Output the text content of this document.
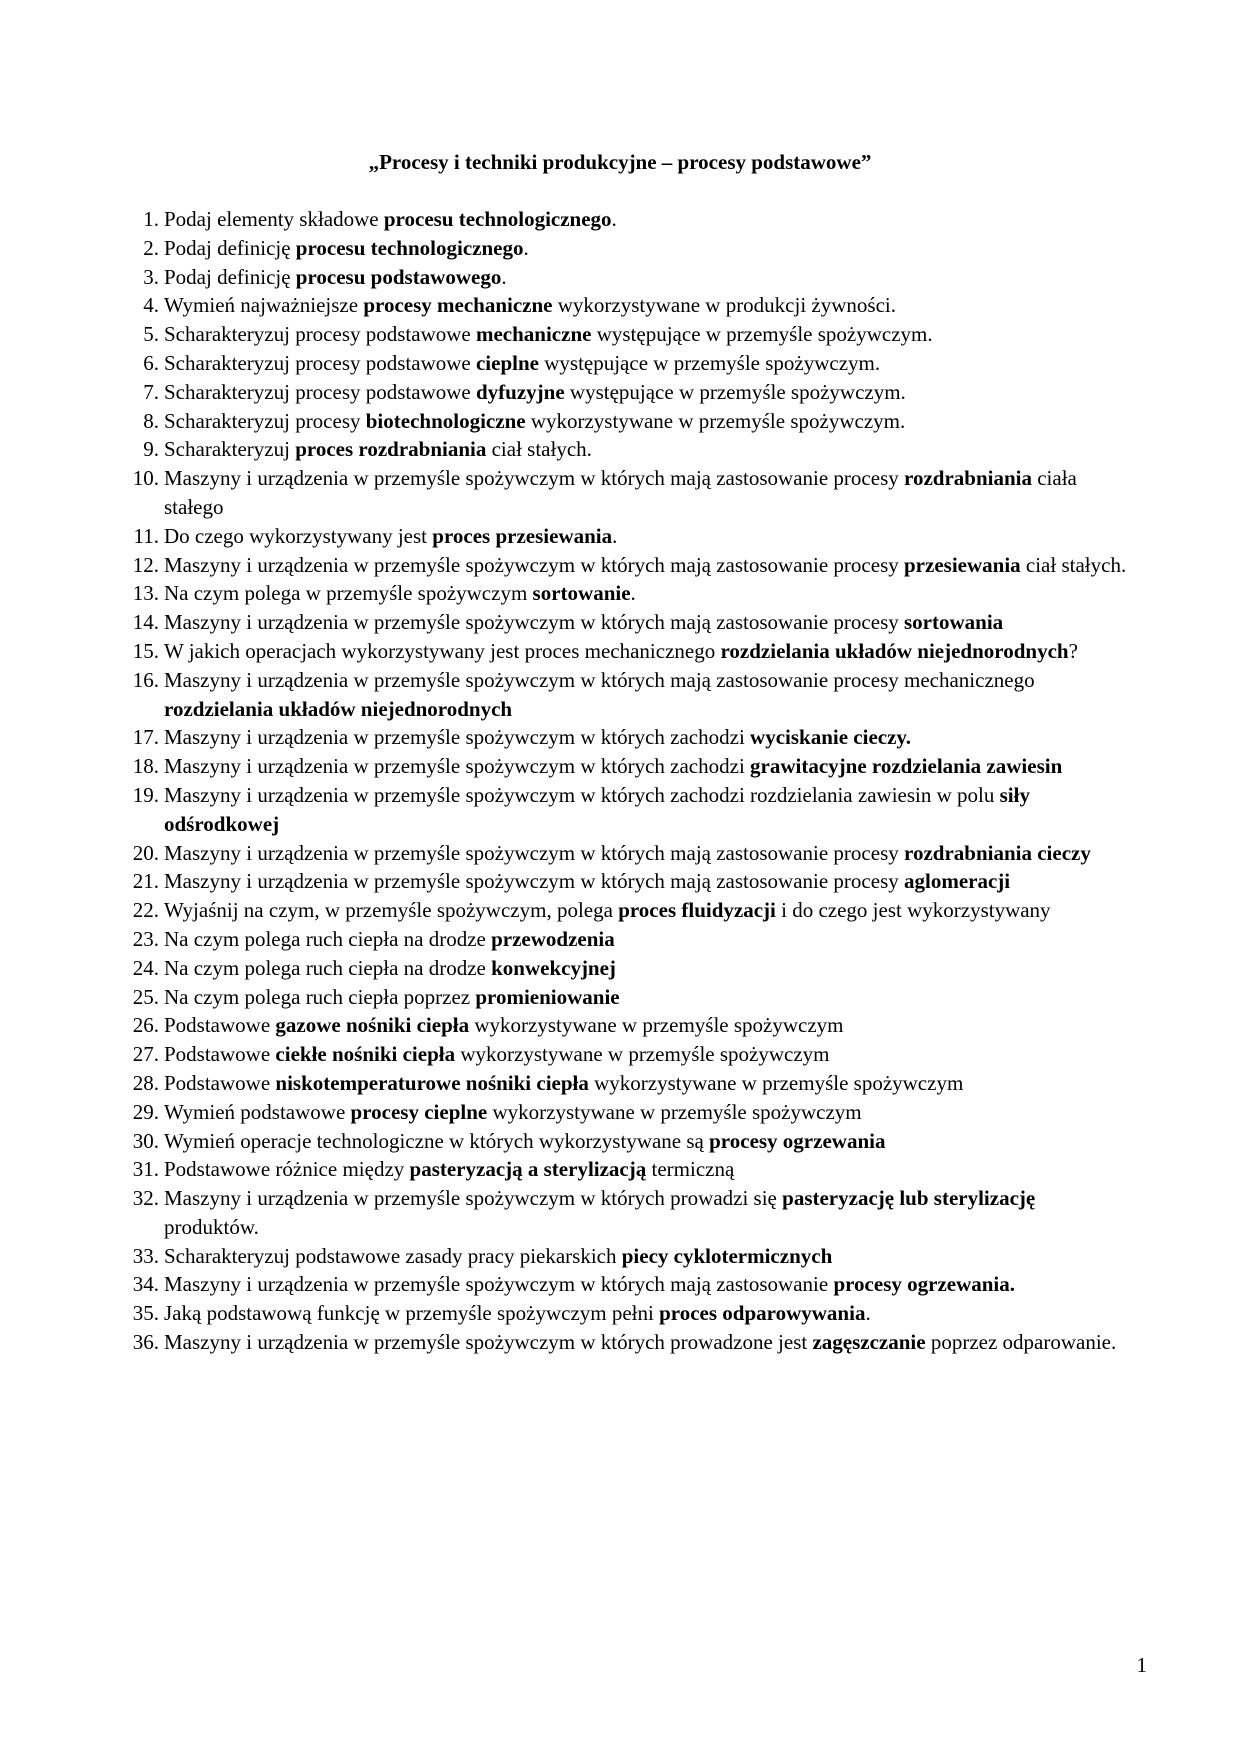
„Procesy i techniki produkcyjne – procesy podstawowe”
1. Podaj elementy składowe procesu technologicznego.
2. Podaj definicję procesu technologicznego.
3. Podaj definicję procesu podstawowego.
4. Wymień najważniejsze procesy mechaniczne wykorzystywane w produkcji żywności.
5. Scharakteryzuj procesy podstawowe mechaniczne występujące w przemyśle spożywczym.
6. Scharakteryzuj procesy podstawowe cieplne występujące w przemyśle spożywczym.
7. Scharakteryzuj procesy podstawowe dyfuzyjne występujące w przemyśle spożywczym.
8. Scharakteryzuj procesy biotechnologiczne wykorzystywane w przemyśle spożywczym.
9. Scharakteryzuj proces rozdrabniania ciał stałych.
10. Maszyny i urządzenia w przemyśle spożywczym w których mają zastosowanie procesy rozdrabniania ciała stałego
11. Do czego wykorzystywany jest proces przesiewania.
12. Maszyny i urządzenia w przemyśle spożywczym w których mają zastosowanie procesy przesiewania ciał stałych.
13. Na czym polega w przemyśle spożywczym sortowanie.
14. Maszyny i urządzenia w przemyśle spożywczym w których mają zastosowanie procesy sortowania
15. W jakich operacjach wykorzystywany jest proces mechanicznego rozdzielania układów niejednorodnych?
16. Maszyny i urządzenia w przemyśle spożywczym w których mają zastosowanie procesy mechanicznego rozdzielania układów niejednorodnych
17. Maszyny i urządzenia w przemyśle spożywczym w których zachodzi wyciskanie cieczy.
18. Maszyny i urządzenia w przemyśle spożywczym w których zachodzi grawitacyjne rozdzielania zawiesin
19. Maszyny i urządzenia w przemyśle spożywczym w których zachodzi rozdzielania zawiesin w polu siły odśrodkowej
20. Maszyny i urządzenia w przemyśle spożywczym w których mają zastosowanie procesy rozdrabniania cieczy
21. Maszyny i urządzenia w przemyśle spożywczym w których mają zastosowanie procesy aglomeracji
22. Wyjaśnij na czym, w przemyśle spożywczym, polega proces fluidyzacji i do czego jest wykorzystywany
23. Na czym polega ruch ciepła na drodze przewodzenia
24. Na czym polega ruch ciepła na drodze konwekcyjnej
25. Na czym polega ruch ciepła poprzez promieniowanie
26. Podstawowe gazowe nośniki ciepła wykorzystywane w przemyśle spożywczym
27. Podstawowe ciekłe nośniki ciepła wykorzystywane w przemyśle spożywczym
28. Podstawowe niskotemperaturowe nośniki ciepła wykorzystywane w przemyśle spożywczym
29. Wymień podstawowe procesy cieplne wykorzystywane w przemyśle spożywczym
30. Wymień operacje technologiczne w których wykorzystywane są procesy ogrzewania
31. Podstawowe różnice między pasteryzacją a sterylizacją termiczną
32. Maszyny i urządzenia w przemyśle spożywczym w których prowadzi się pasteryzację lub sterylizację produktów.
33. Scharakteryzuj podstawowe zasady pracy piekarskich piecy cyklotermicznych
34. Maszyny i urządzenia w przemyśle spożywczym w których mają zastosowanie procesy ogrzewania.
35. Jaką podstawową funkcję w przemyśle spożywczym pełni proces odparowywania.
36. Maszyny i urządzenia w przemyśle spożywczym w których prowadzone jest zagęszczanie poprzez odparowanie.
1
